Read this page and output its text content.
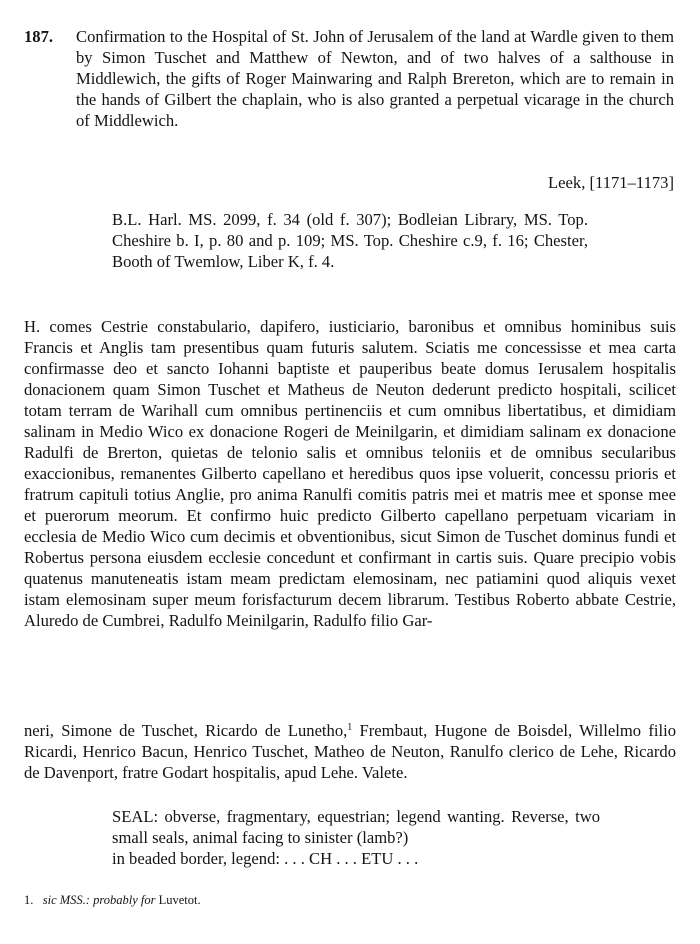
187. Confirmation to the Hospital of St. John of Jerusalem of the land at Wardle given to them by Simon Tuschet and Matthew of Newton, and of two halves of a salthouse in Middlewich, the gifts of Roger Mainwaring and Ralph Brereton, which are to remain in the hands of Gilbert the chaplain, who is also granted a perpetual vicarage in the church of Middlewich.

Leek, [1171–1173]

B.L. Harl. MS. 2099, f. 34 (old f. 307); Bodleian Library, MS. Top. Cheshire b. I, p. 80 and p. 109; MS. Top. Cheshire c.9, f. 16; Chester, Booth of Twemlow, Liber K, f. 4.

H. comes Cestrie constabulario, dapifero, iusticiario, baronibus et omnibus hominibus suis Francis et Anglis tam presentibus quam futuris salutem. Sciatis me concessisse et mea carta confirmasse deo et sancto Iohanni baptiste et pauperibus beate domus Ierusalem hospitalis donacionem quam Simon Tuschet et Matheus de Neuton dederunt predicto hospitali, scilicet totam terram de Warihall cum omnibus pertinenciis et cum omnibus libertatibus, et dimidiam salinam in Medio Wico ex donacione Rogeri de Meinilgarin, et dimidiam salinam ex donacione Radulfi de Brerton, quietas de telonio salis et omnibus teloniis et de omnibus secularibus exaccionibus, remanentes Gilberto capellano et heredibus quos ipse voluerit, concessu prioris et fratrum capituli totius Anglie, pro anima Ranulfi comitis patris mei et matris mee et sponse mee et puerorum meorum. Et confirmo huic predicto Gilberto capellano perpetuam vicariam in ecclesia de Medio Wico cum decimis et obventionibus, sicut Simon de Tuschet dominus fundi et Robertus persona eiusdem ecclesie concedunt et confirmant in cartis suis. Quare precipio vobis quatenus manuteneatis istam meam predictam elemosinam, nec patiamini quod aliquis vexet istam elemosinam super meum forisfacturum decem librarum. Testibus Roberto abbate Cestrie, Aluredo de Cumbrei, Radulfo Meinilgarin, Radulfo filio Gar-

neri, Simone de Tuschet, Ricardo de Lunetho,$^1$ Frembaut, Hugone de Boisdel, Willelmo filio Ricardi, Henrico Bacun, Henrico Tuschet, Matheo de Neuton, Ranulfo clerico de Lehe, Ricardo de Davenport, fratre Godart hospitalis, apud Lehe. Valete.

SEAL: obverse, fragmentary, equestrian; legend wanting. Reverse, two small seals, animal facing to sinister (lamb?)
in beaded border, legend: . . . CH . . . ETU . . .

1. sic MSS.: probably for Luvetot.
